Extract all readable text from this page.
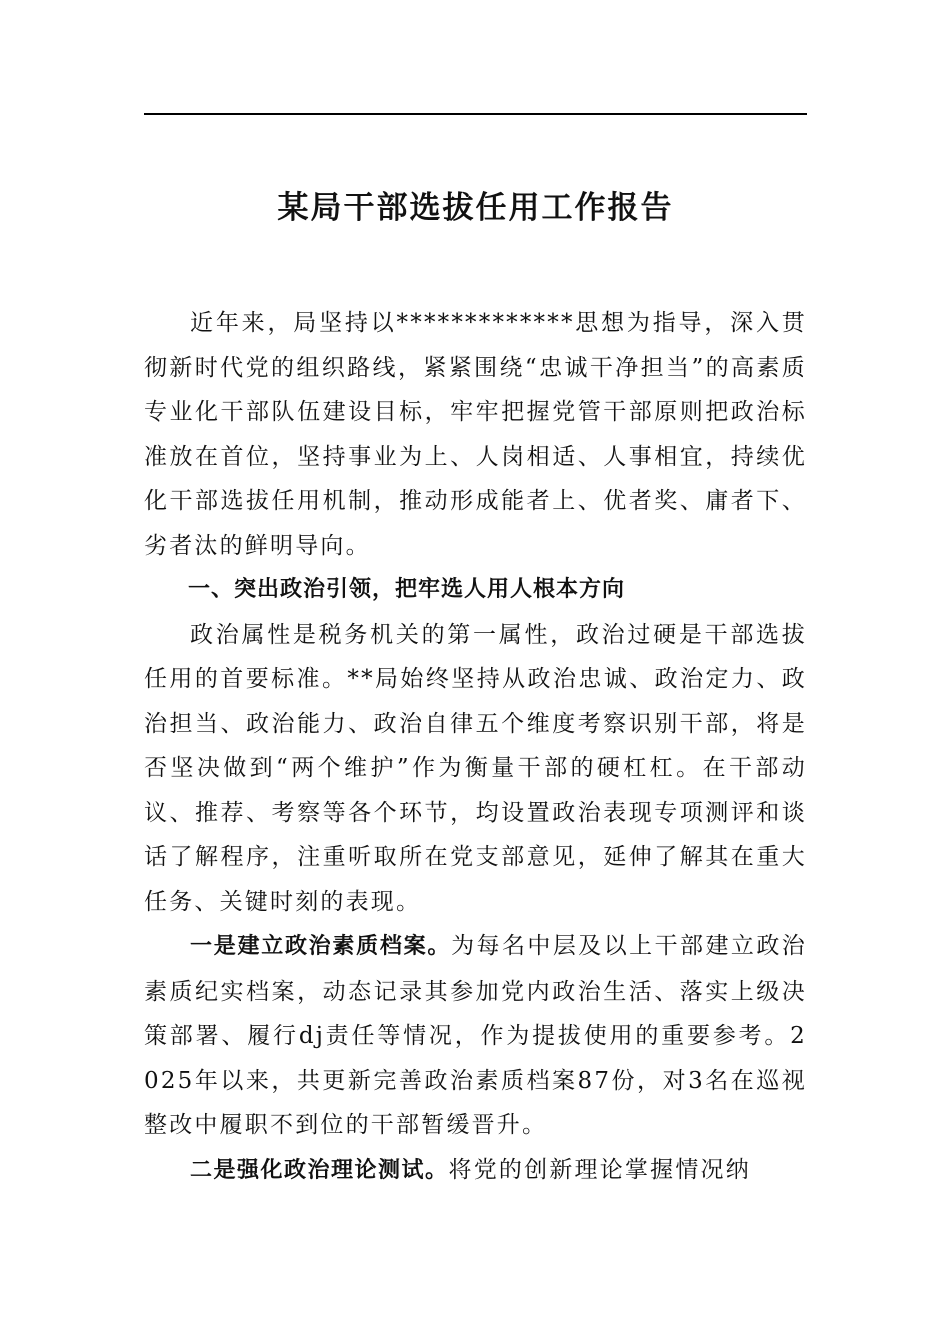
某局干部选拔任用工作报告

近年来，局坚持以*************思想为指导，深入贯彻新时代党的组织路线，紧紧围绕“忠诚干净担当”的高素质专业化干部队伍建设目标，牢牢把握党管干部原则把政治标准放在首位，坚持事业为上、人岗相适、人事相宜，持续优化干部选拔任用机制，推动形成能者上、优者奖、庸者下、劣者汰的鲜明导向。

一、突出政治引领，把牢选人用人根本方向

政治属性是税务机关的第一属性，政治过硬是干部选拔任用的首要标准。**局始终坚持从政治忠诚、政治定力、政治担当、政治能力、政治自律五个维度考察识别干部，将是否坚决做到“两个维护”作为衡量干部的硬杠杠。在干部动议、推荐、考察等各个环节，均设置政治表现专项测评和谈话了解程序，注重听取所在党支部意见，延伸了解其在重大任务、关键时刻的表现。

一是建立政治素质档案。为每名中层及以上干部建立政治素质纪实档案，动态记录其参加党内政治生活、落实上级决策部署、履行dj责任等情况，作为提拔使用的重要参考。2025年以来，共更新完善政治素质档案87份，对3名在巡视整改中履职不到位的干部暂缓晋升。

二是强化政治理论测试。将党的创新理论掌握情况纳
